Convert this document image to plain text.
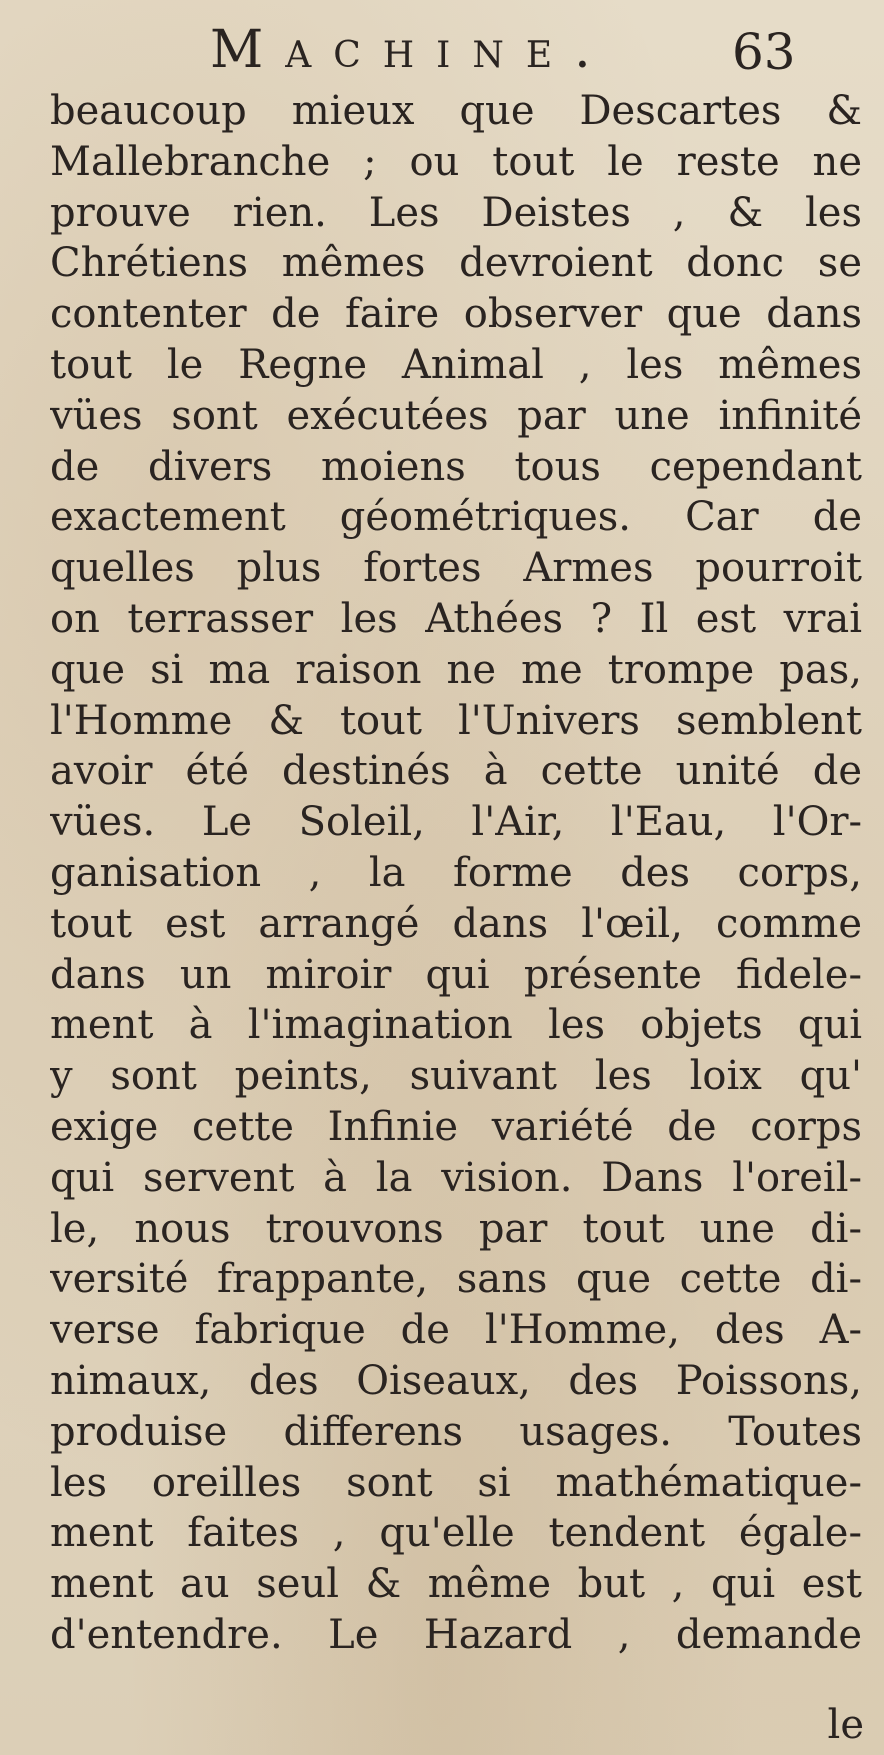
Machine. 63
beaucoup mieux que Descartes &
Mallebranche ; ou tout le reste ne
prouve rien. Les Deistes , & les
Chrétiens mêmes devroient donc se
contenter de faire observer que dans
tout le Regne Animal , les mêmes
vües sont exécutées par une infinité
de divers moiens tous cependant
exactement géométriques. Car de
quelles plus fortes Armes pourroit
on terrasser les Athées ? Il est vrai
que si ma raison ne me trompe pas,
l'Homme & tout l'Univers semblent
avoir été destinés à cette unité de
vües. Le Soleil, l'Air, l'Eau, l'Or-
ganisation , la forme des corps,
tout est arrangé dans l'œil, comme
dans un miroir qui présente fidele-
ment à l'imagination les objets qui
y sont peints, suivant les loix qu'
exige cette Infinie variété de corps
qui servent à la vision. Dans l'oreil-
le, nous trouvons par tout une di-
versité frappante, sans que cette di-
verse fabrique de l'Homme, des A-
nimaux, des Oiseaux, des Poissons,
produise differens usages. Toutes
les oreilles sont si mathématique-
ment faites , qu'elle tendent égale-
ment au seul & même but , qui est
d'entendre. Le Hazard , demande
le
